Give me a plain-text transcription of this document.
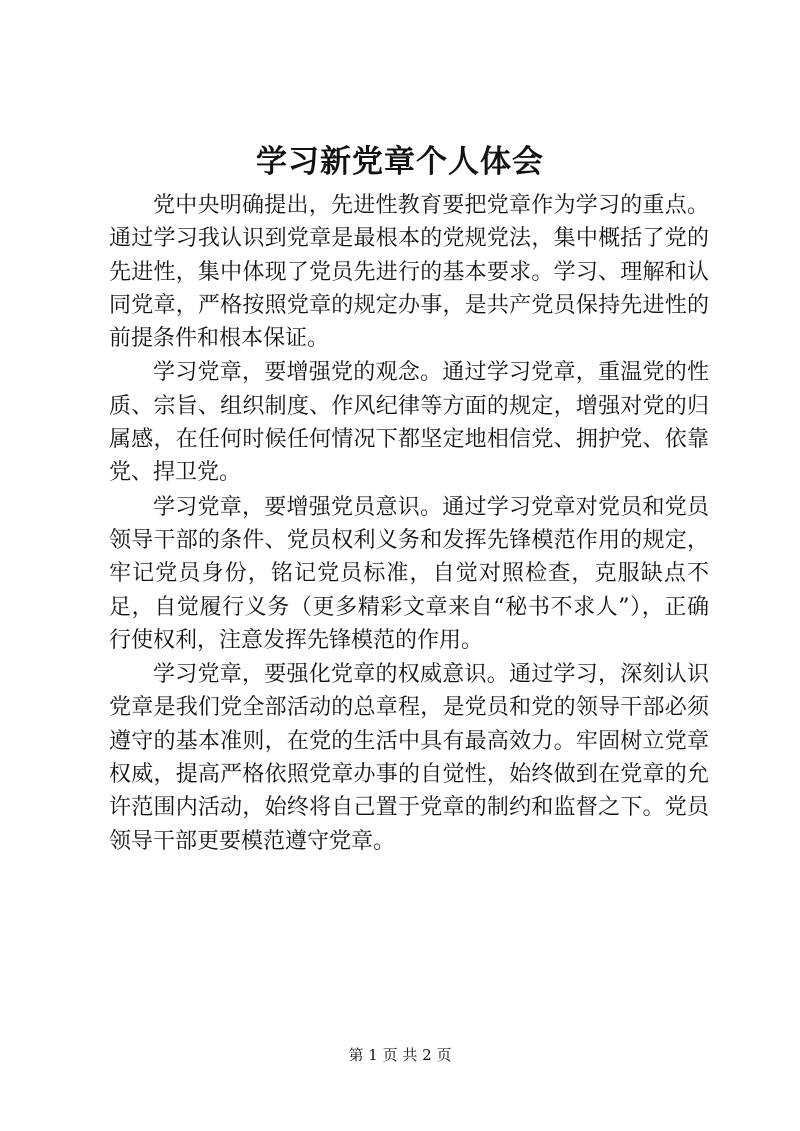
学习新党章个人体会

党中央明确提出，先进性教育要把党章作为学习的重点。通过学习我认识到党章是最根本的党规党法，集中概括了党的先进性，集中体现了党员先进行的基本要求。学习、理解和认同党章，严格按照党章的规定办事，是共产党员保持先进性的前提条件和根本保证。

学习党章，要增强党的观念。通过学习党章，重温党的性质、宗旨、组织制度、作风纪律等方面的规定，增强对党的归属感，在任何时候任何情况下都坚定地相信党、拥护党、依靠党、捍卫党。

学习党章，要增强党员意识。通过学习党章对党员和党员领导干部的条件、党员权利义务和发挥先锋模范作用的规定，牢记党员身份，铭记党员标准，自觉对照检查，克服缺点不足，自觉履行义务（更多精彩文章来自“秘书不求人”），正确行使权利，注意发挥先锋模范的作用。

学习党章，要强化党章的权威意识。通过学习，深刻认识党章是我们党全部活动的总章程，是党员和党的领导干部必须遵守的基本准则，在党的生活中具有最高效力。牢固树立党章权威，提高严格依照党章办事的自觉性，始终做到在党章的允许范围内活动，始终将自己置于党章的制约和监督之下。党员领导干部更要模范遵守党章。

第 1 页 共 2 页
